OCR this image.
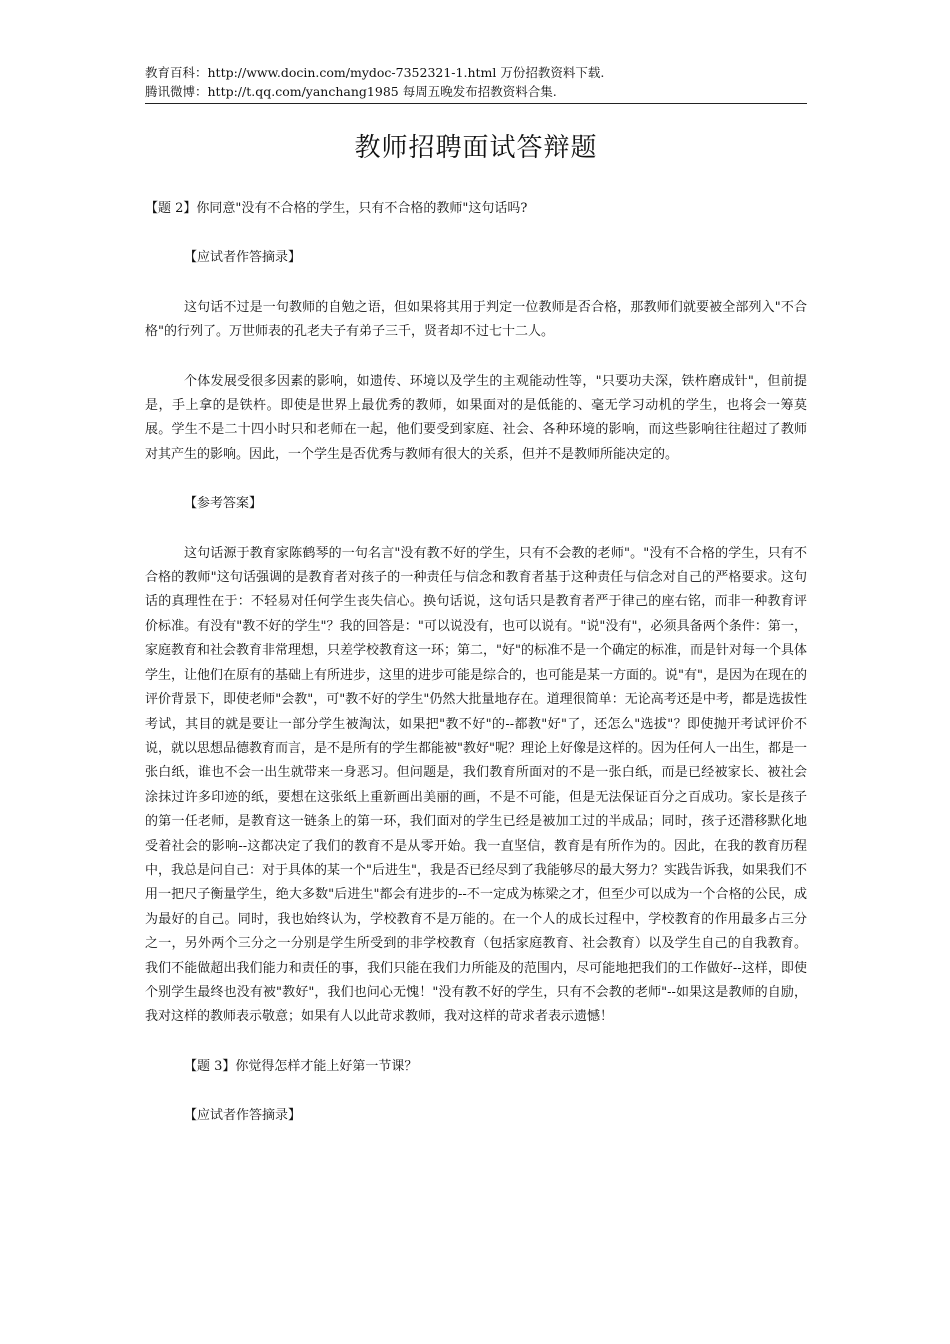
教育百科：http://www.docin.com/mydoc-7352321-1.html 万份招教资料下载.
腾讯微博：http://t.qq.com/yanchang1985 每周五晚发布招教资料合集.
教师招聘面试答辩题

【题 2】你同意"没有不合格的学生，只有不合格的教师"这句话吗?

【应试者作答摘录】

这句话不过是一句教师的自勉之语，但如果将其用于判定一位教师是否合格，那教师们就要被全部列入"不合格"的行列了。万世师表的孔老夫子有弟子三千，贤者却不过七十二人。

个体发展受很多因素的影响，如遗传、环境以及学生的主观能动性等，"只要功夫深，铁杵磨成针"，但前提是，手上拿的是铁杵。即使是世界上最优秀的教师，如果面对的是低能的、毫无学习动机的学生，也将会一筹莫展。学生不是二十四小时只和老师在一起，他们要受到家庭、社会、各种环境的影响，而这些影响往往超过了教师对其产生的影响。因此，一个学生是否优秀与教师有很大的关系，但并不是教师所能决定的。

【参考答案】

这句话源于教育家陈鹤琴的一句名言"没有教不好的学生，只有不会教的老师"。"没有不合格的学生，只有不合格的教师"这句话强调的是教育者对孩子的一种责任与信念和教育者基于这种责任与信念对自己的严格要求。这句话的真理性在于：不轻易对任何学生丧失信心。换句话说，这句话只是教育者严于律己的座右铭，而非一种教育评价标准。有没有"教不好的学生"？我的回答是："可以说没有，也可以说有。"说"没有"，必须具备两个条件：第一，家庭教育和社会教育非常理想，只差学校教育这一环；第二，"好"的标准不是一个确定的标准，而是针对每一个具体学生，让他们在原有的基础上有所进步，这里的进步可能是综合的，也可能是某一方面的。说"有"，是因为在现在的评价背景下，即使老师"会教"，可"教不好的学生"仍然大批量地存在。道理很简单：无论高考还是中考，都是选拔性考试，其目的就是要让一部分学生被淘汰，如果把"教不好"的--都教"好"了，还怎么"选拔"？即使抛开考试评价不说，就以思想品德教育而言，是不是所有的学生都能被"教好"呢？理论上好像是这样的。因为任何人一出生，都是一张白纸，谁也不会一出生就带来一身恶习。但问题是，我们教育所面对的不是一张白纸，而是已经被家长、被社会涂抹过许多印迹的纸，要想在这张纸上重新画出美丽的画，不是不可能，但是无法保证百分之百成功。家长是孩子的第一任老师，是教育这一链条上的第一环，我们面对的学生已经是被加工过的半成品；同时，孩子还潜移默化地受着社会的影响--这都决定了我们的教育不是从零开始。我一直坚信，教育是有所作为的。因此，在我的教育历程中，我总是问自己：对于具体的某一个"后进生"，我是否已经尽到了我能够尽的最大努力？实践告诉我，如果我们不用一把尺子衡量学生，绝大多数"后进生"都会有进步的--不一定成为栋梁之才，但至少可以成为一个合格的公民，成为最好的自己。同时，我也始终认为，学校教育不是万能的。在一个人的成长过程中，学校教育的作用最多占三分之一，另外两个三分之一分别是学生所受到的非学校教育（包括家庭教育、社会教育）以及学生自己的自我教育。我们不能做超出我们能力和责任的事，我们只能在我们力所能及的范围内，尽可能地把我们的工作做好--这样，即使个别学生最终也没有被"教好"，我们也问心无愧！"没有教不好的学生，只有不会教的老师"--如果这是教师的自励，我对这样的教师表示敬意；如果有人以此苛求教师，我对这样的苛求者表示遗憾！

【题 3】你觉得怎样才能上好第一节课？

【应试者作答摘录】
